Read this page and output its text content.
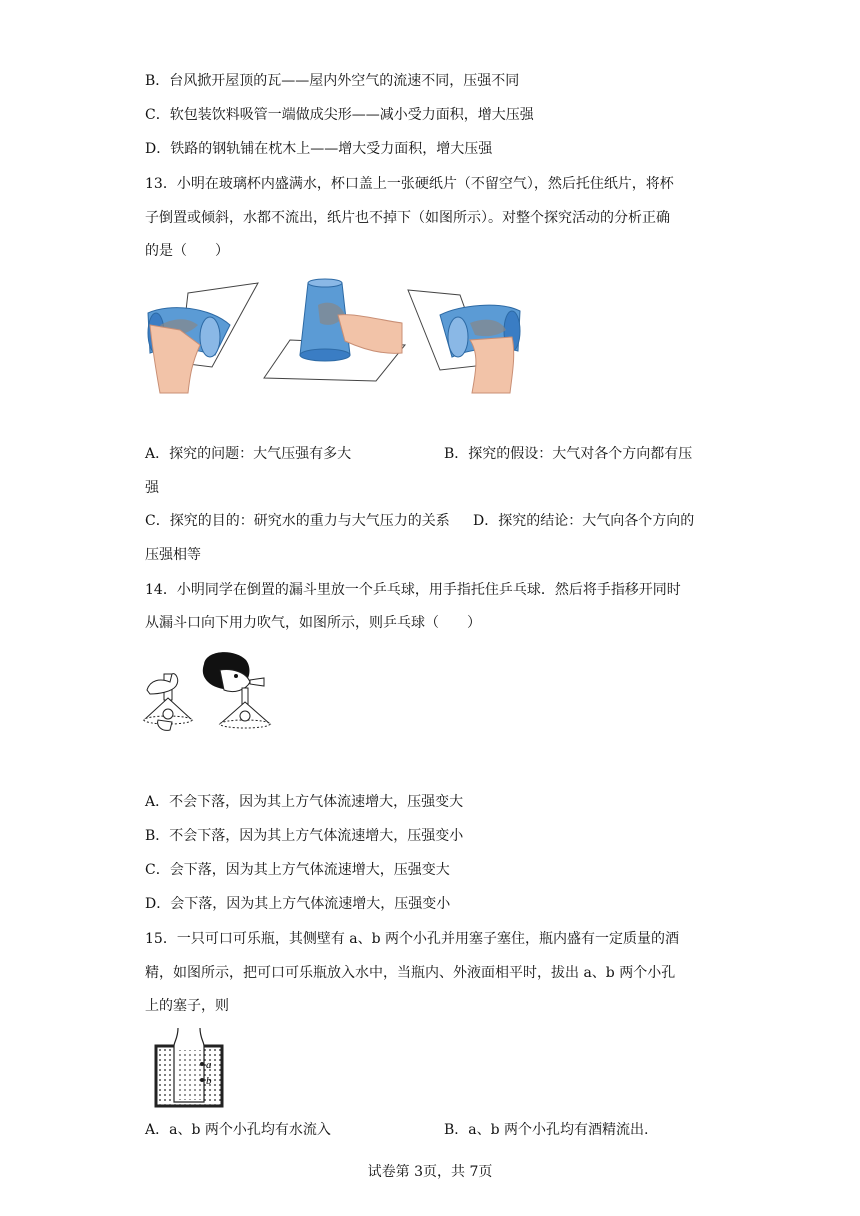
B．台风掀开屋顶的瓦——屋内外空气的流速不同，压强不同
C．软包装饮料吸管一端做成尖形——减小受力面积，增大压强
D．铁路的钢轨铺在枕木上——增大受力面积，增大压强
13．小明在玻璃杯内盛满水，杯口盖上一张硬纸片（不留空气），然后托住纸片，将杯
子倒置或倾斜，水都不流出，纸片也不掉下（如图所示）。对整个探究活动的分析正确
的是（　　）
A．探究的问题：大气压强有多大	B．探究的假设：大气对各个方向都有压
强
C．探究的目的：研究水的重力与大气压力的关系 D．探究的结论：大气向各个方向的
压强相等
14．小明同学在倒置的漏斗里放一个乒乓球，用手指托住乒乓球．然后将手指移开同时
从漏斗口向下用力吹气，如图所示，则乒乓球（　　）
A．不会下落，因为其上方气体流速增大，压强变大
B．不会下落，因为其上方气体流速增大，压强变小
C．会下落，因为其上方气体流速增大，压强变大
D．会下落，因为其上方气体流速增大，压强变小
15．一只可口可乐瓶，其侧壁有 a、b 两个小孔并用塞子塞住，瓶内盛有一定质量的酒
精，如图所示，把可口可乐瓶放入水中，当瓶内、外液面相平时，拔出 a、b 两个小孔
上的塞子，则
a
b
A．a、b 两个小孔均有水流入	B．a、b 两个小孔均有酒精流出.
试卷第 3页，共 7页
